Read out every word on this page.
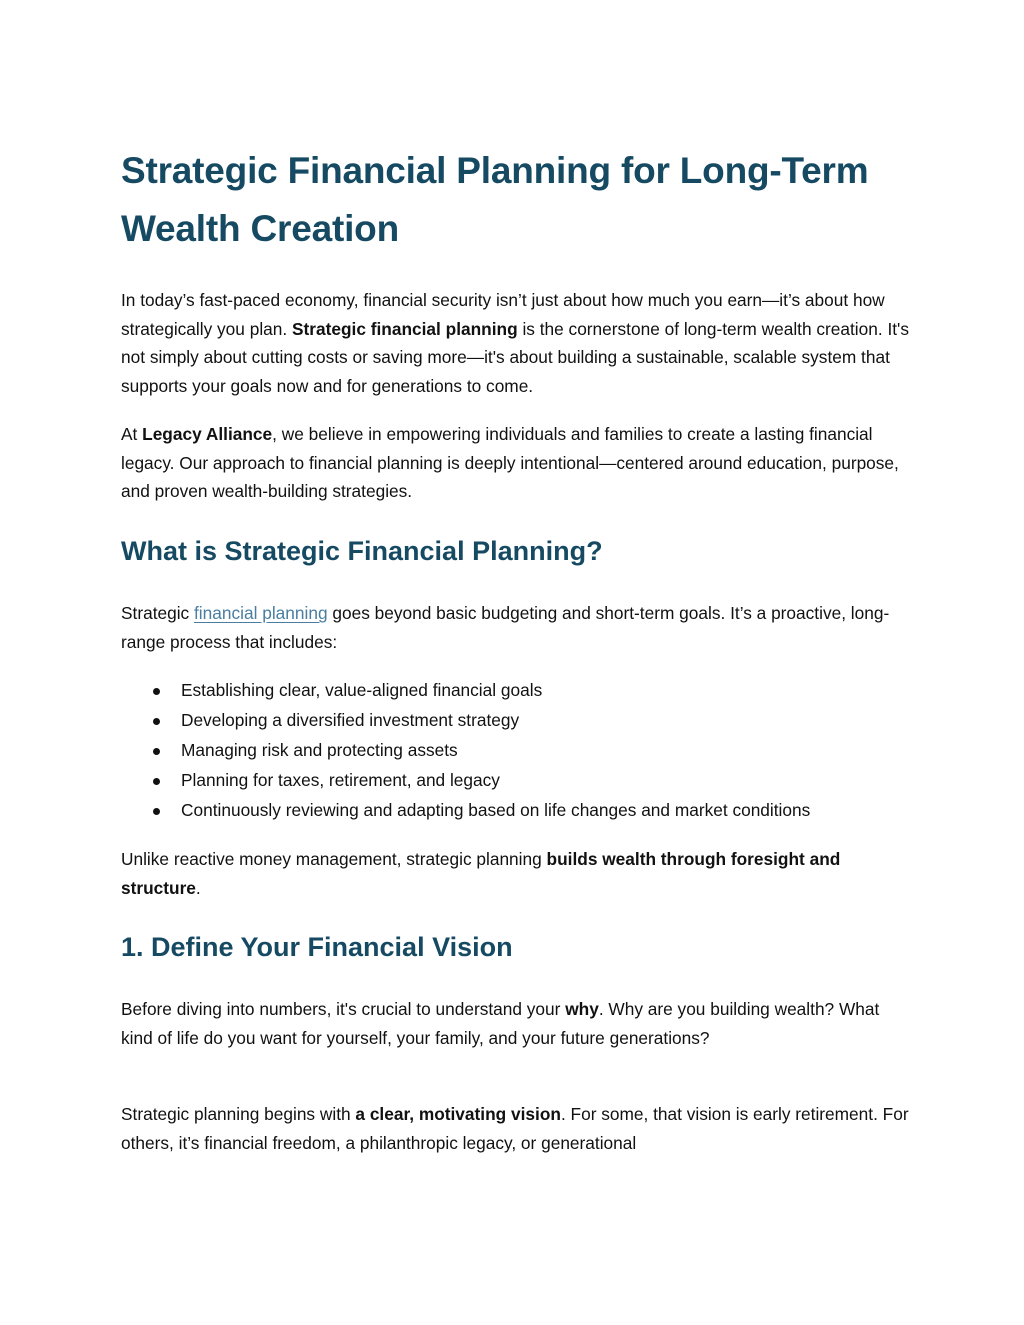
Strategic Financial Planning for Long-Term Wealth Creation

In today’s fast-paced economy, financial security isn’t just about how much you earn—it’s about how strategically you plan. Strategic financial planning is the cornerstone of long-term wealth creation. It's not simply about cutting costs or saving more—it's about building a sustainable, scalable system that supports your goals now and for generations to come.

At Legacy Alliance, we believe in empowering individuals and families to create a lasting financial legacy. Our approach to financial planning is deeply intentional—centered around education, purpose, and proven wealth-building strategies.

What is Strategic Financial Planning?

Strategic financial planning goes beyond basic budgeting and short-term goals. It’s a proactive, long-range process that includes:

Establishing clear, value-aligned financial goals
Developing a diversified investment strategy
Managing risk and protecting assets
Planning for taxes, retirement, and legacy
Continuously reviewing and adapting based on life changes and market conditions

Unlike reactive money management, strategic planning builds wealth through foresight and structure.

1. Define Your Financial Vision

Before diving into numbers, it's crucial to understand your why. Why are you building wealth? What kind of life do you want for yourself, your family, and your future generations?

Strategic planning begins with a clear, motivating vision. For some, that vision is early retirement. For others, it’s financial freedom, a philanthropic legacy, or generational
